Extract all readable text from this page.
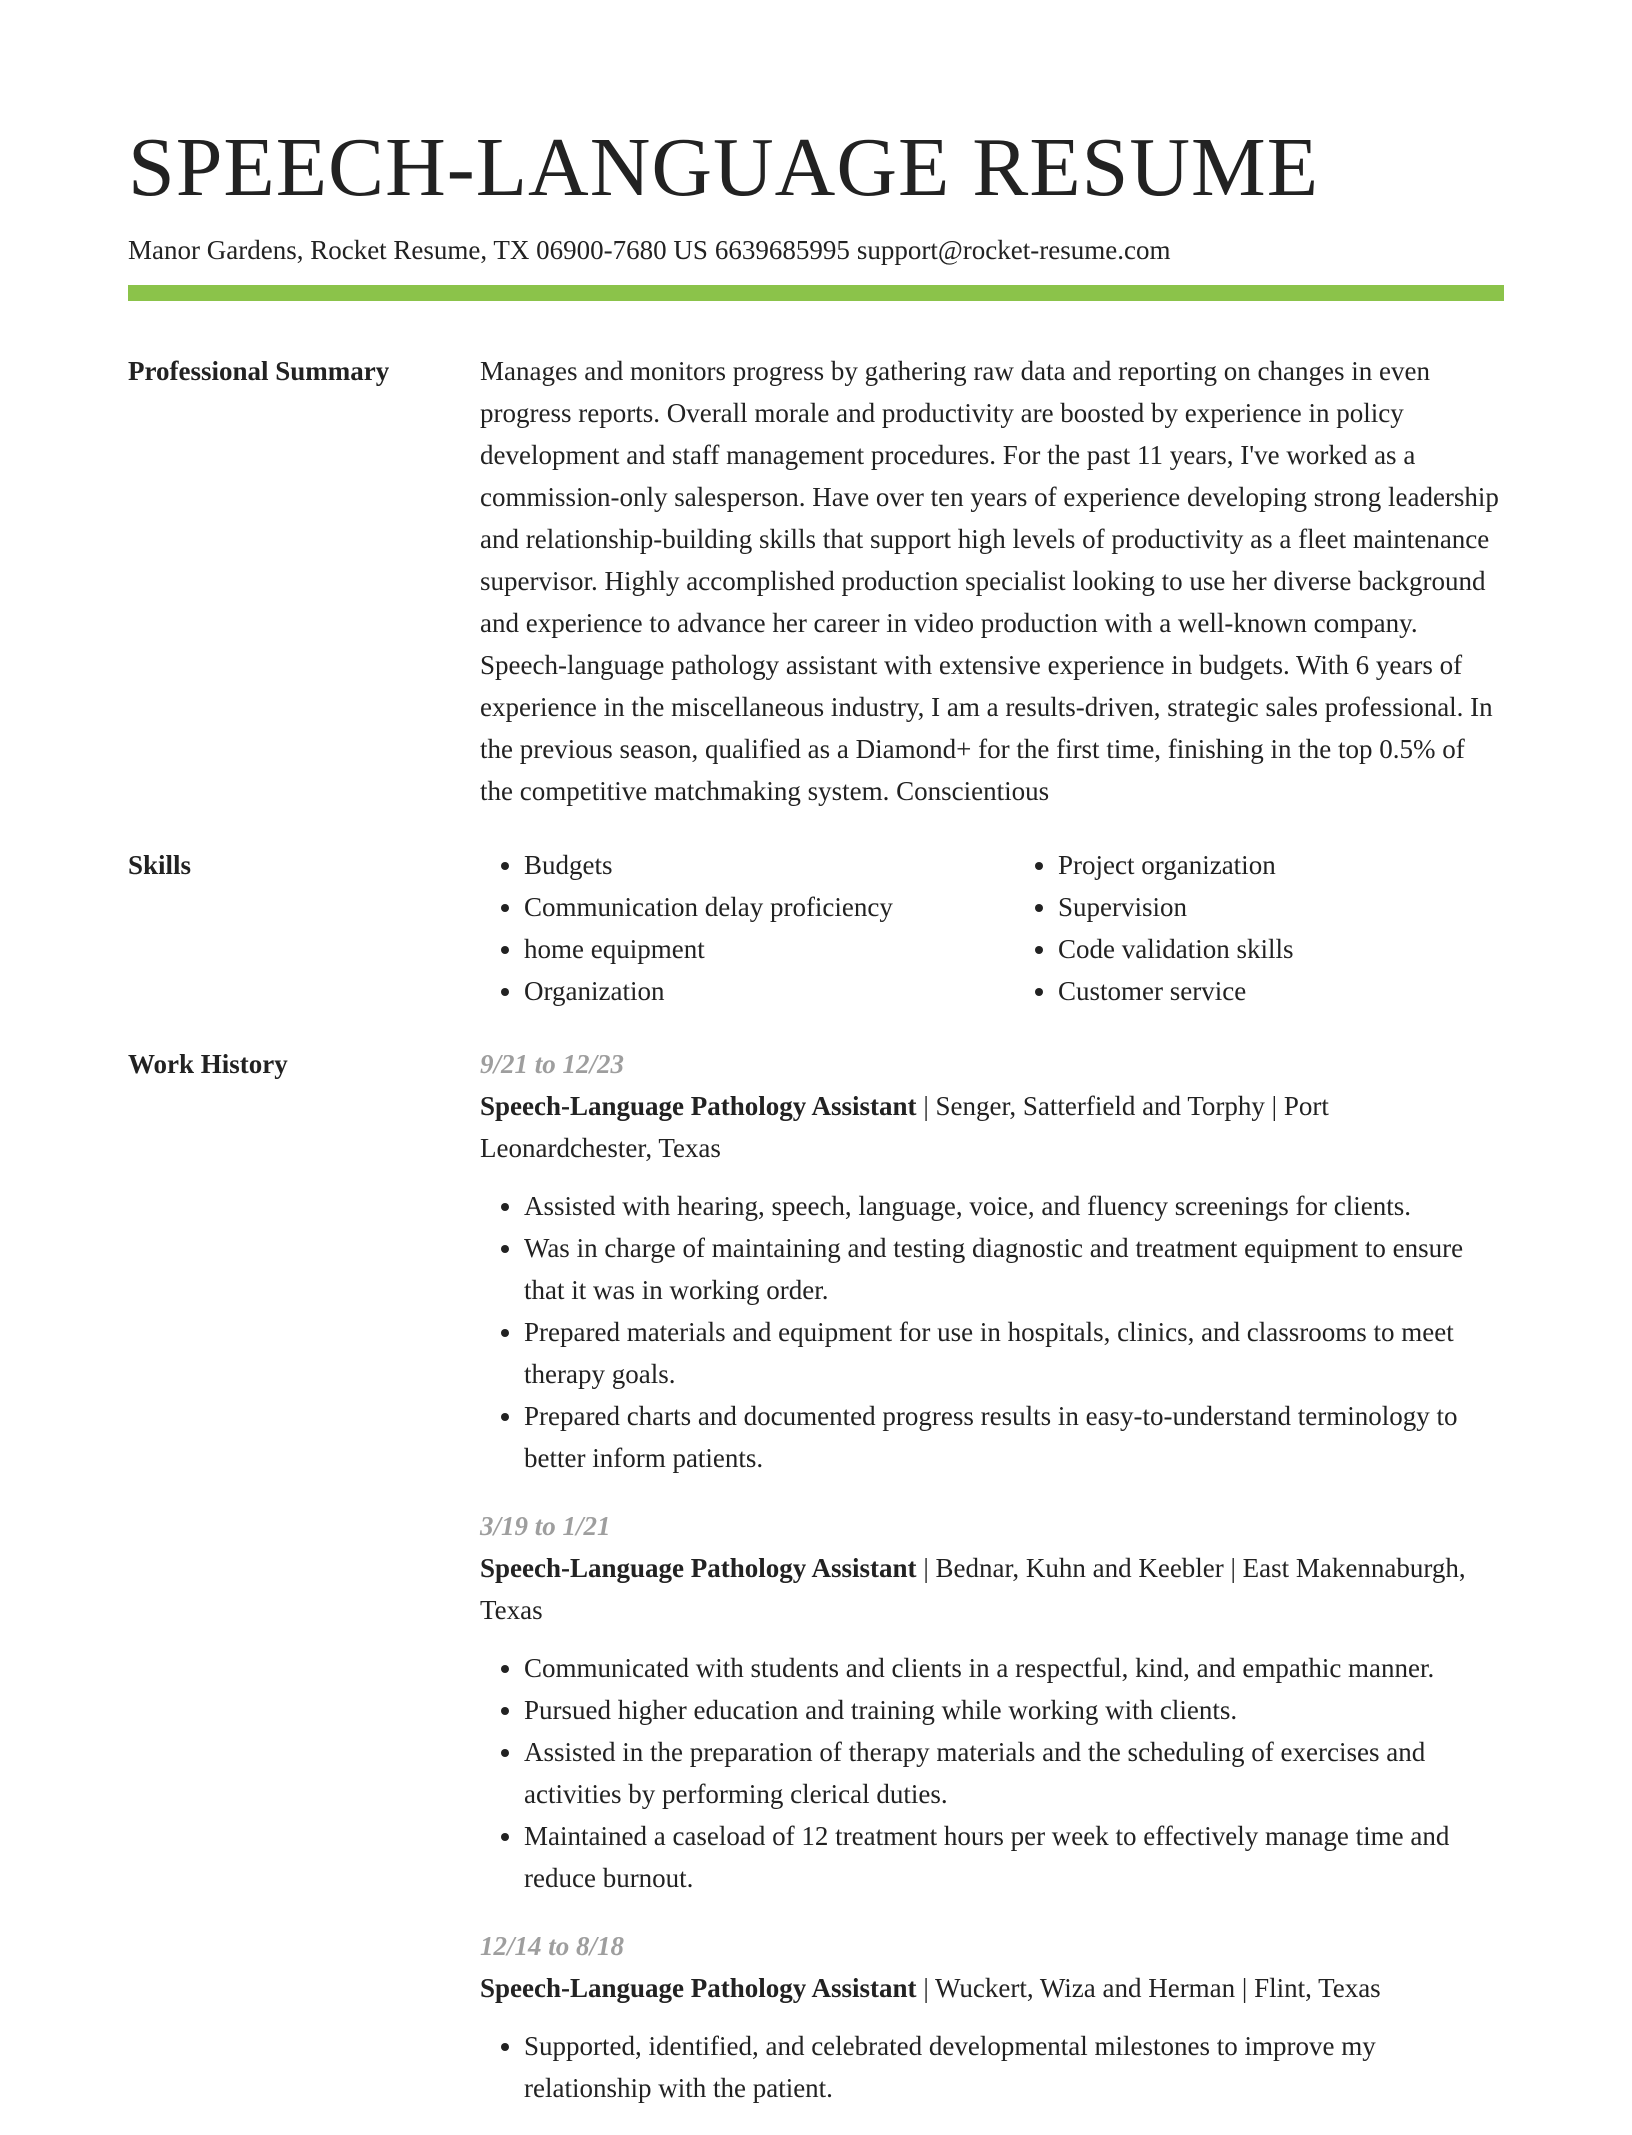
SPEECH-LANGUAGE RESUME
Manor Gardens, Rocket Resume, TX 06900-7680 US 6639685995 support@rocket-resume.com
Professional Summary	Manages and monitors progress by gathering raw data and reporting on changes in even progress reports. Overall morale and productivity are boosted by experience in policy development and staff management procedures. For the past 11 years, I've worked as a commission-only salesperson. Have over ten years of experience developing strong leadership and relationship-building skills that support high levels of productivity as a fleet maintenance supervisor. Highly accomplished production specialist looking to use her diverse background and experience to advance her career in video production with a well-known company. Speech-language pathology assistant with extensive experience in budgets. With 6 years of experience in the miscellaneous industry, I am a results-driven, strategic sales professional. In the previous season, qualified as a Diamond+ for the first time, finishing in the top 0.5% of the competitive matchmaking system. Conscientious

Skills
•	Budgets
• Communication delay proficiency
• home equipment
• Organization
• Project organization
• Supervision
• Code validation skills
• Customer service
Work History	9/21 to 12/23
Speech-Language Pathology Assistant | Senger, Satterfield and Torphy | Port Leonardchester, Texas
• Assisted with hearing, speech, language, voice, and fluency screenings for clients.
• Was in charge of maintaining and testing diagnostic and treatment equipment to ensure that it was in working order.
• Prepared materials and equipment for use in hospitals, clinics, and classrooms to meet therapy goals.
• Prepared charts and documented progress results in easy-to-understand terminology to better inform patients.
3/19 to 1/21
Speech-Language Pathology Assistant | Bednar, Kuhn and Keebler | East Makennaburgh, Texas
• Communicated with students and clients in a respectful, kind, and empathic manner.
• Pursued higher education and training while working with clients.
• Assisted in the preparation of therapy materials and the scheduling of exercises and activities by performing clerical duties.
• Maintained a caseload of 12 treatment hours per week to effectively manage time and reduce burnout.
12/14 to 8/18
Speech-Language Pathology Assistant | Wuckert, Wiza and Herman | Flint, Texas
• Supported, identified, and celebrated developmental milestones to improve my relationship with the patient.
